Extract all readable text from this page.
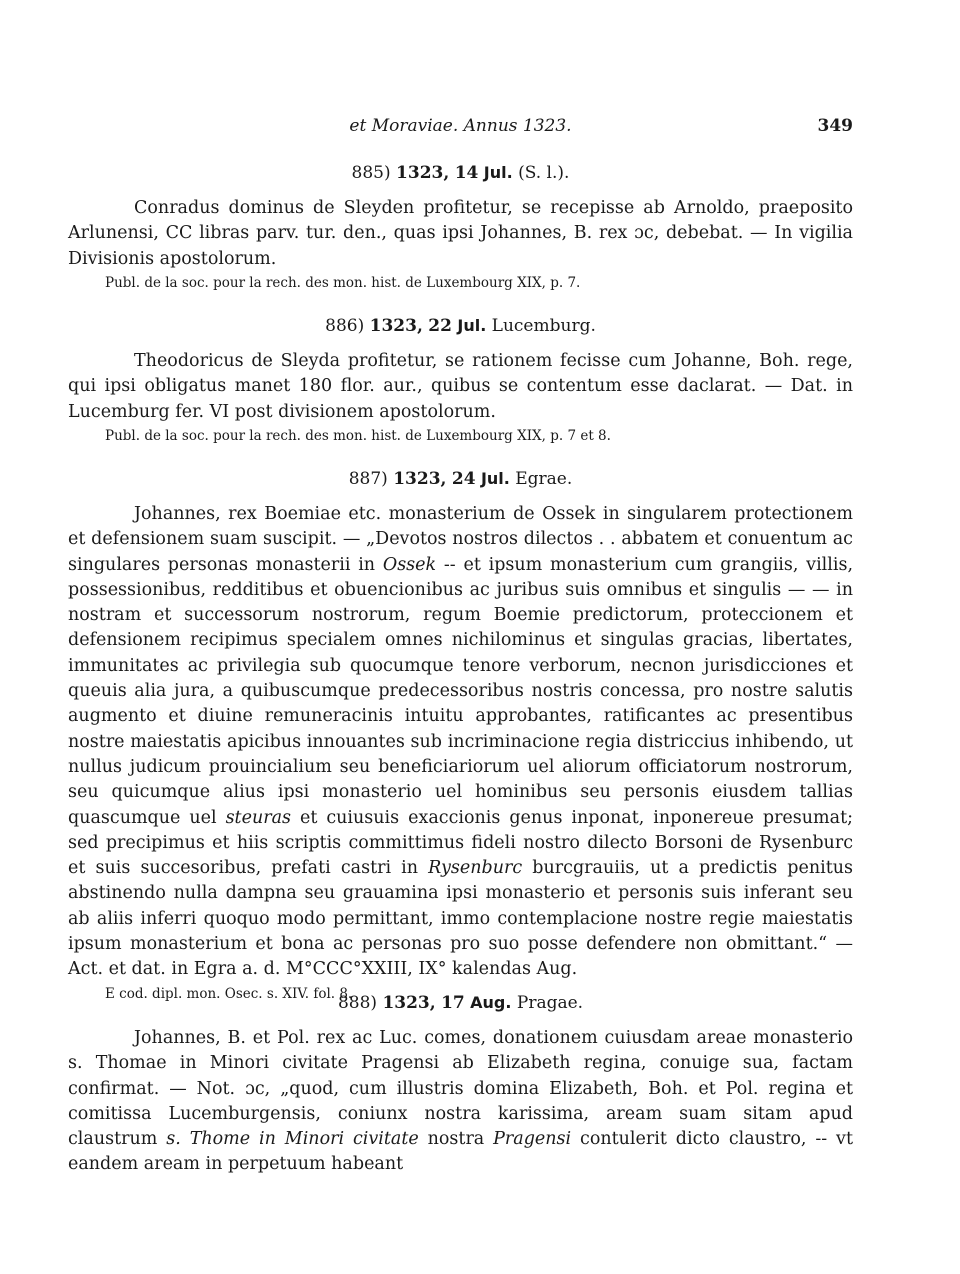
et Moraviae. Annus 1323.	349
885) 1323, 14 Jul. (S. l.).

Conradus dominus de Sleyden profitetur, se recepisse ab Arnoldo, praeposito Arlunensi, CC libras parv. tur. den., quas ipsi Johannes, B. rex ɔc, debebat. — In vigilia Divisionis apostolorum.

Publ. de la soc. pour la rech. des mon. hist. de Luxembourg XIX, p. 7.

886) 1323, 22 Jul. Lucemburg.

Theodoricus de Sleyda profitetur, se rationem fecisse cum Johanne, Boh. rege, qui ipsi obligatus manet 180 flor. aur., quibus se contentum esse daclarat. — Dat. in Lucemburg fer. VI post divisionem apostolorum.

Publ. de la soc. pour la rech. des mon. hist. de Luxembourg XIX, p. 7 et 8.

887) 1323, 24 Jul. Egrae.

Johannes, rex Boemiae etc. monasterium de Ossek in singularem protectionem et defensionem suam suscipit. — „Devotos nostros dilectos . . abbatem et conuentum ac singulares personas monasterii in Ossek -- et ipsum monasterium cum grangiis, villis, possessionibus, redditibus et obuencionibus ac juribus suis omnibus et singulis — — in nostram et successorum nostrorum, regum Boemie predictorum, proteccionem et defensionem recipimus specialem omnes nichilominus et singulas gracias, libertates, immunitates ac privilegia sub quocumque tenore verborum, necnon jurisdicciones et queuis alia jura, a quibuscumque predecessoribus nostris concessa, pro nostre salutis augmento et diuine remuneracinis intuitu approbantes, ratificantes ac presentibus nostre maiestatis apicibus innouantes sub incriminacione regia districcius inhibendo, ut nullus judicum prouincialium seu beneficiariorum uel aliorum officiatorum nostrorum, seu quicumque alius ipsi monasterio uel hominibus seu personis eiusdem tallias quascumque uel steuras et cuiusuis exaccionis genus inponat, inponereue presumat; sed precipimus et hiis scriptis committimus fideli nostro dilecto Borsoni de Rysenburc et suis succesoribus, prefati castri in Rysenburc burcgrauiis, ut a predictis penitus abstinendo nulla dampna seu grauamina ipsi monasterio et personis suis inferant seu ab aliis inferri quoquo modo permittant, immo contemplacione nostre regie maiestatis ipsum monasterium et bona ac personas pro suo posse defendere non obmittant.“ — Act. et dat. in Egra a. d. M°CCC°XXIII, IX° kalendas Aug.

E cod. dipl. mon. Osec. s. XIV. fol. 8.

888) 1323, 17 Aug. Pragae.

Johannes, B. et Pol. rex ac Luc. comes, donationem cuiusdam areae monasterio s. Thomae in Minori civitate Pragensi ab Elizabeth regina, conuige sua, factam confirmat. — Not. ɔc, „quod, cum illustris domina Elizabeth, Boh. et Pol. regina et comitissa Lucemburgensis, coniunx nostra karissima, aream suam sitam apud claustrum s. Thome in Minori civitate nostra Pragensi contulerit dicto claustro, -- vt eandem aream in perpetuum habeant
